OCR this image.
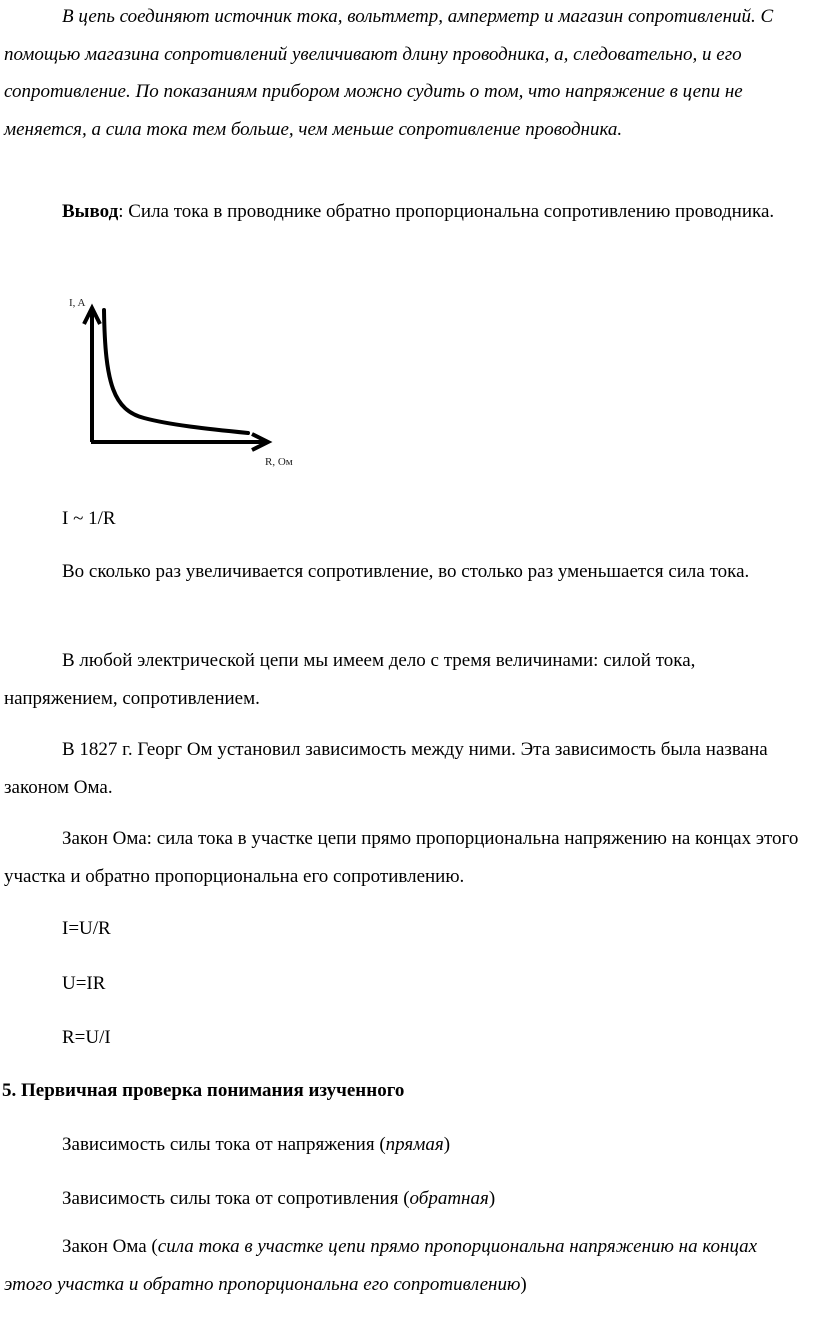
В цепь соединяют источник тока, вольтметр, амперметр и магазин сопротивлений. С помощью магазина сопротивлений увеличивают длину проводника, а, следовательно, и его сопротивление. По показаниям прибором можно судить о том, что напряжение в цепи не меняется, а сила тока тем больше, чем меньше сопротивление проводника.

Вывод: Сила тока в проводнике обратно пропорциональна сопротивлению проводника.

I, A
R, Ом

I ~ 1/R

Во сколько раз увеличивается сопротивление, во столько раз уменьшается сила тока.

В любой электрической цепи мы имеем дело с тремя величинами: силой тока, напряжением, сопротивлением.

В 1827 г. Георг Ом установил зависимость между ними. Эта зависимость была названа законом Ома.

Закон Ома: сила тока в участке цепи прямо пропорциональна напряжению на концах этого участка и обратно пропорциональна его сопротивлению.

I=U/R

U=IR

R=U/I

5. Первичная проверка понимания изученного

Зависимость силы тока от напряжения (прямая)

Зависимость силы тока от сопротивления (обратная)

Закон Ома (сила тока в участке цепи прямо пропорциональна напряжению на концах этого участка и обратно пропорциональна его сопротивлению)
